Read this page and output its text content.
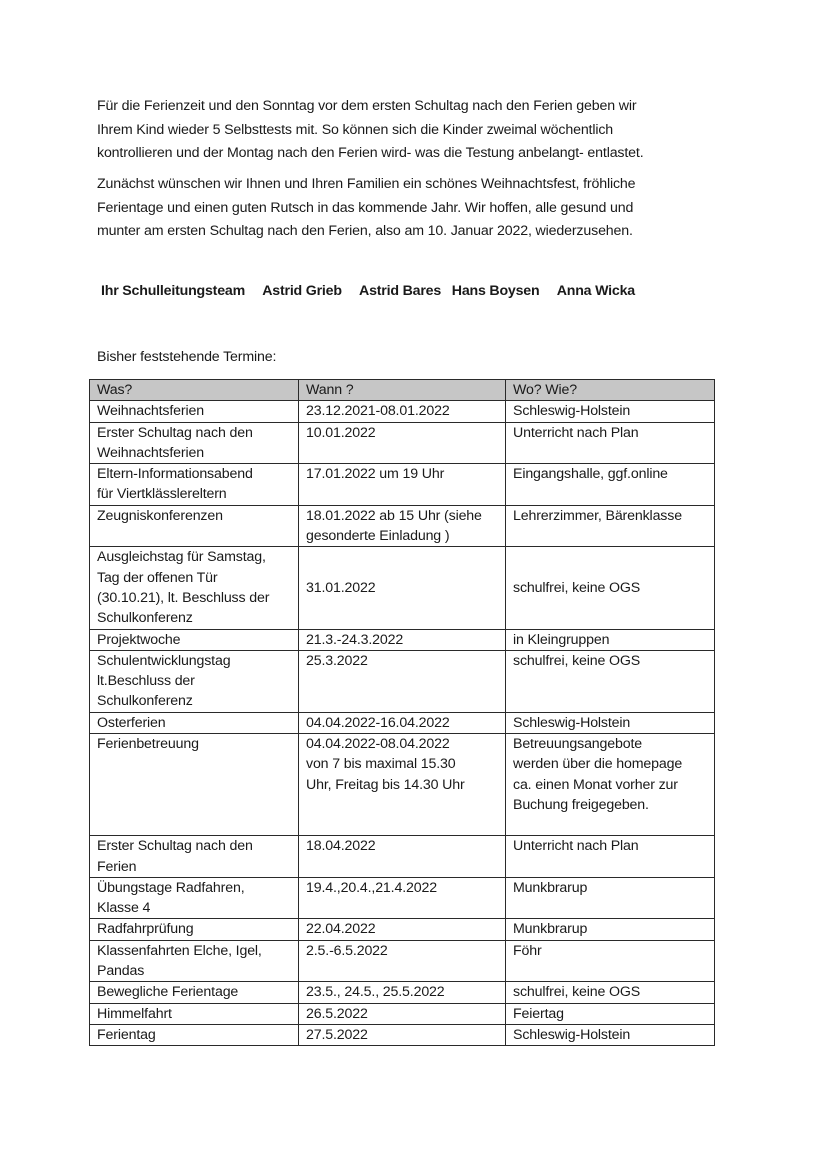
Für die Ferienzeit und den Sonntag vor dem ersten Schultag nach den Ferien geben wir
Ihrem Kind wieder 5 Selbsttests mit. So können sich die Kinder zweimal wöchentlich
kontrollieren und der Montag nach den Ferien wird- was die Testung anbelangt- entlastet.

Zunächst wünschen wir Ihnen und Ihren Familien ein schönes Weihnachtsfest, fröhliche
Ferientage und einen guten Rutsch in das kommende Jahr. Wir hoffen, alle gesund und
munter am ersten Schultag nach den Ferien, also am 10. Januar 2022, wiederzusehen.

Ihr Schulleitungsteam Astrid Grieb Astrid Bares Hans Boysen Anna Wicka
Bisher feststehende Termine:
Was?	Wann ?	Wo? Wie?

Weihnachtsferien	23.12.2021-08.01.2022	Schleswig-Holstein

Erster Schultag nach den
Weihnachtsferien	10.01.2022	Unterricht nach Plan

Eltern-Informationsabend
für Viertklässlereltern	17.01.2022 um 19 Uhr	Eingangshalle, ggf.online

Zeugniskonferenzen	18.01.2022 ab 15 Uhr (siehe
gesonderte Einladung )	Lehrerzimmer, Bärenklasse

Ausgleichstag für Samstag,
Tag der offenen Tür
(30.10.21), lt. Beschluss der
Schulkonferenz	31.01.2022	schulfrei, keine OGS

Projektwoche	21.3.-24.3.2022	in Kleingruppen

Schulentwicklungstag
lt.Beschluss der
Schulkonferenz	25.3.2022	schulfrei, keine OGS

Osterferien	04.04.2022-16.04.2022	Schleswig-Holstein

Ferienbetreuung	04.04.2022-08.04.2022
von 7 bis maximal 15.30
Uhr, Freitag bis 14.30 Uhr	Betreuungsangebote
werden über die homepage
ca. einen Monat vorher zur
Buchung freigegeben.

Erster Schultag nach den
Ferien	18.04.2022	Unterricht nach Plan

Übungstage Radfahren,
Klasse 4	19.4.,20.4.,21.4.2022	Munkbrarup

Radfahrprüfung	22.04.2022	Munkbrarup

Klassenfahrten Elche, Igel,
Pandas	2.5.-6.5.2022	Föhr

Bewegliche Ferientage	23.5., 24.5., 25.5.2022	schulfrei, keine OGS

Himmelfahrt	26.5.2022	Feiertag

Ferientag	27.5.2022	Schleswig-Holstein
